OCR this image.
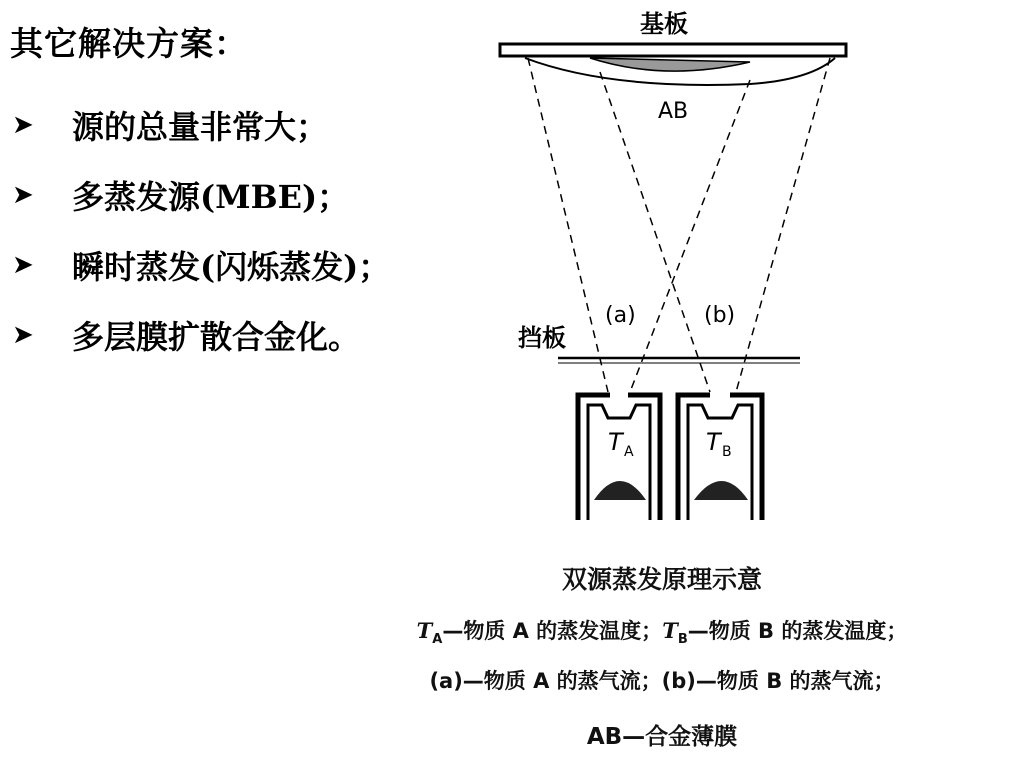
其它解决方案：
➤	源的总量非常大；
➤	多蒸发源(MBE)；
➤	瞬时蒸发(闪烁蒸发)；
➤	多层膜扩散合金化。
基板
AB
(a)	(b)
挡板
T A	T B
双源蒸发原理示意
$T_A—$物质 A 的蒸发温度；$T_B—$物质 B 的蒸发温度；
(a)—物质 A 的蒸气流；(b)—物质 B 的蒸气流；
AB—合金薄膜
